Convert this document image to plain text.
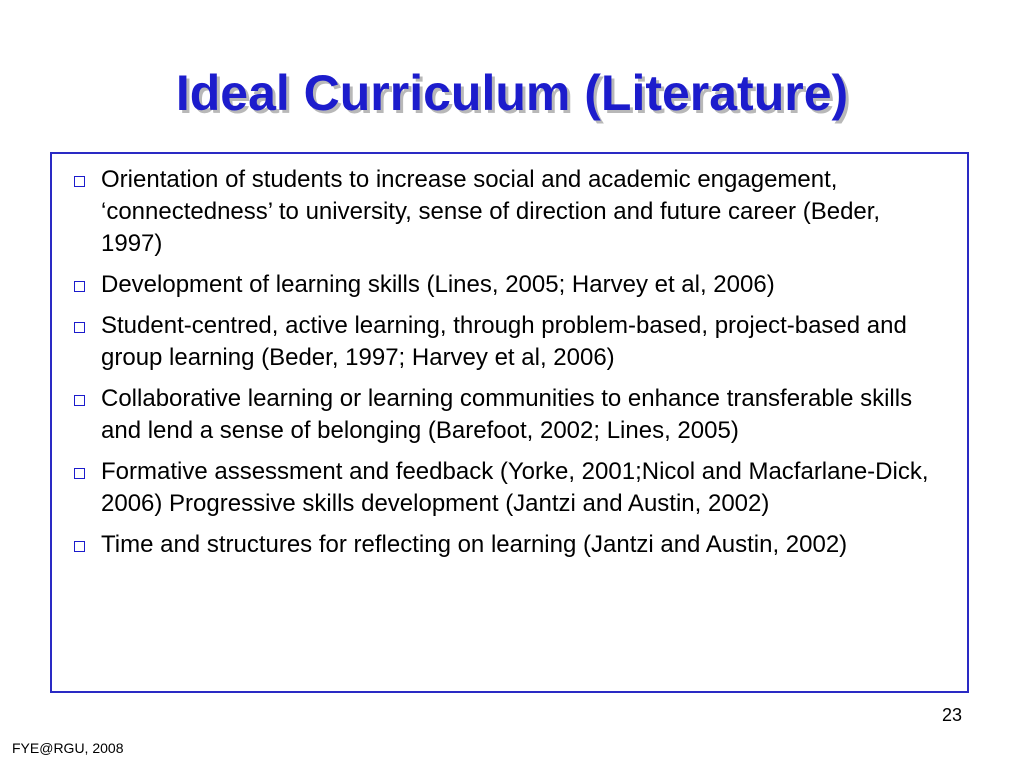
Ideal Curriculum (Literature)
Orientation of students to increase social and academic engagement, ‘connectedness’ to university, sense of direction and future career (Beder, 1997)
Development of learning skills (Lines, 2005; Harvey et al, 2006)
Student-centred, active learning, through problem-based, project-based and group learning (Beder, 1997; Harvey et al, 2006)
Collaborative learning or learning communities to enhance transferable skills and lend a sense of belonging (Barefoot, 2002; Lines, 2005)
Formative assessment and feedback (Yorke, 2001;Nicol and Macfarlane-Dick, 2006) Progressive skills development (Jantzi and Austin, 2002)
Time and structures for reflecting on learning (Jantzi and Austin, 2002)
23
FYE@RGU, 2008
